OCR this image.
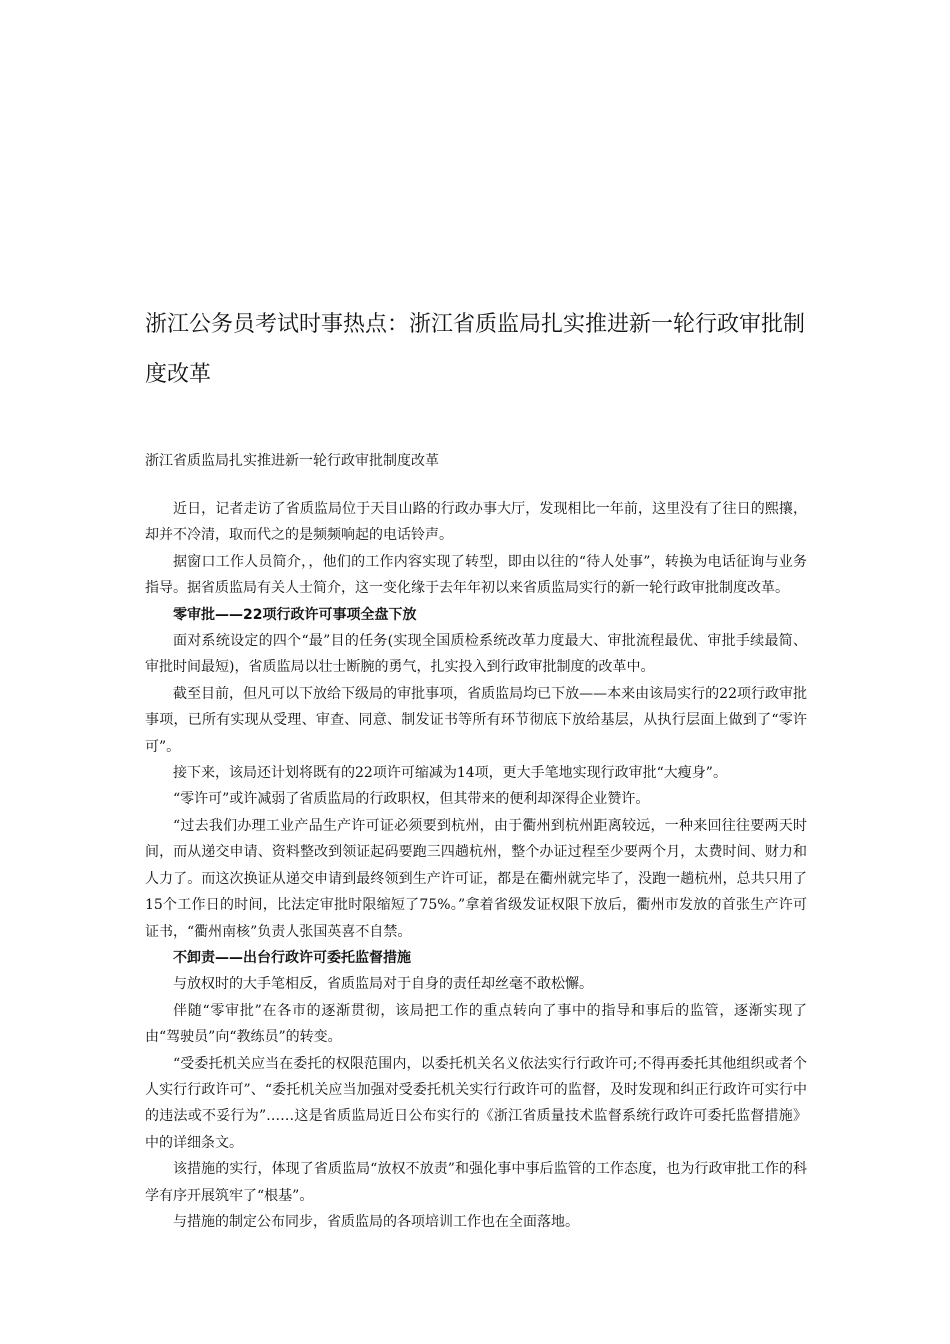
浙江公务员考试时事热点：浙江省质监局扎实推进新一轮行政审批制度改革

浙江省质监局扎实推进新一轮行政审批制度改革

近日，记者走访了省质监局位于天目山路的行政办事大厅，发现相比一年前，这里没有了往日的熙攘，却并不冷清，取而代之的是频频响起的电话铃声。

据窗口工作人员简介，，他们的工作内容实现了转型，即由以往的“待人处事”，转换为电话征询与业务指导。据省质监局有关人士简介，这一变化缘于去年年初以来省质监局实行的新一轮行政审批制度改革。

零审批——22项行政许可事项全盘下放

面对系统设定的四个“最”目的任务(实现全国质检系统改革力度最大、审批流程最优、审批手续最简、审批时间最短)，省质监局以壮士断腕的勇气，扎实投入到行政审批制度的改革中。

截至目前，但凡可以下放给下级局的审批事项，省质监局均已下放——本来由该局实行的22项行政审批事项，已所有实现从受理、审查、同意、制发证书等所有环节彻底下放给基层，从执行层面上做到了“零许可”。

接下来，该局还计划将既有的22项许可缩减为14项，更大手笔地实现行政审批“大瘦身”。

“零许可”或许减弱了省质监局的行政职权，但其带来的便利却深得企业赞许。

“过去我们办理工业产品生产许可证必须要到杭州，由于衢州到杭州距离较远，一种来回往往要两天时间，而从递交申请、资料整改到领证起码要跑三四趟杭州，整个办证过程至少要两个月，太费时间、财力和人力了。而这次换证从递交申请到最终领到生产许可证，都是在衢州就完毕了，没跑一趟杭州，总共只用了15个工作日的时间，比法定审批时限缩短了75%。”拿着省级发证权限下放后，衢州市发放的首张生产许可证书，“衢州南核”负责人张国英喜不自禁。

不卸责——出台行政许可委托监督措施

与放权时的大手笔相反，省质监局对于自身的责任却丝毫不敢松懈。

伴随“零审批”在各市的逐渐贯彻，该局把工作的重点转向了事中的指导和事后的监管，逐渐实现了由“驾驶员”向“教练员”的转变。

“受委托机关应当在委托的权限范围内，以委托机关名义依法实行行政许可;不得再委托其他组织或者个人实行行政许可”、“委托机关应当加强对受委托机关实行行政许可的监督，及时发现和纠正行政许可实行中的违法或不妥行为”……这是省质监局近日公布实行的《浙江省质量技术监督系统行政许可委托监督措施》中的详细条文。

该措施的实行，体现了省质监局“放权不放责”和强化事中事后监管的工作态度，也为行政审批工作的科学有序开展筑牢了“根基”。

与措施的制定公布同步，省质监局的各项培训工作也在全面落地。
